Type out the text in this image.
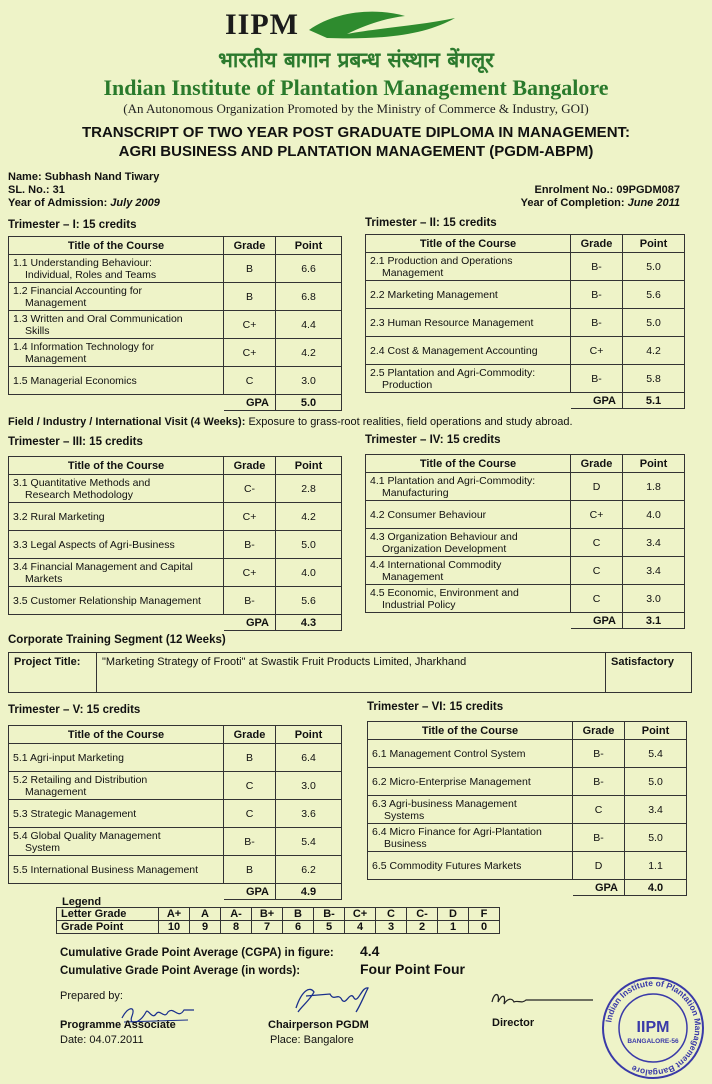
IIPM
भारतीय बागान प्रबन्ध संस्थान बेंगलूर
Indian Institute of Plantation Management Bangalore
(An Autonomous Organization Promoted by the Ministry of Commerce & Industry, GOI)
TRANSCRIPT OF TWO YEAR POST GRADUATE DIPLOMA IN MANAGEMENT:
AGRI BUSINESS AND PLANTATION MANAGEMENT (PGDM-ABPM)
Name: Subhash Nand Tiwary
SL. No.: 31
Year of Admission: July 2009
Enrolment No.: 09PGDM087
Year of Completion: June 2011
Trimester – I: 15 credits	Trimester – II: 15 credits
Title of the Course	Grade	Point
1.1 Understanding Behaviour:
Individual, Roles and Teams	B	6.6
1.2 Financial Accounting for
Management	B	6.8
1.3 Written and Oral Communication
Skills	C+	4.4
1.4 Information Technology for
Management	C+	4.2
1.5 Managerial Economics	C	3.0
	GPA	5.0
Title of the Course	Grade	Point
2.1 Production and Operations
Management	B-	5.0
2.2 Marketing Management	B-	5.6
2.3 Human Resource Management	B-	5.0
2.4 Cost & Management Accounting	C+	4.2
2.5 Plantation and Agri-Commodity:
Production	B-	5.8
	GPA	5.1
Field / Industry / International Visit (4 Weeks): Exposure to grass-root realities, field operations and study abroad.
Trimester – III: 15 credits	Trimester – IV: 15 credits
Title of the Course	Grade	Point
3.1 Quantitative Methods and
Research Methodology	C-	2.8
3.2 Rural Marketing	C+	4.2
3.3 Legal Aspects of Agri-Business	B-	5.0
3.4 Financial Management and Capital
Markets	C+	4.0
3.5 Customer Relationship Management	B-	5.6
	GPA	4.3
Title of the Course	Grade	Point
4.1 Plantation and Agri-Commodity:
Manufacturing	D	1.8
4.2 Consumer Behaviour	C+	4.0
4.3 Organization Behaviour and
Organization Development	C	3.4
4.4 International Commodity
Management	C	3.4
4.5 Economic, Environment and
Industrial Policy	C	3.0
	GPA	3.1
Corporate Training Segment (12 Weeks)
Project Title:	"Marketing Strategy of Frooti" at Swastik Fruit Products Limited, Jharkhand	Satisfactory
Trimester – V: 15 credits	Trimester – VI: 15 credits
Title of the Course	Grade	Point
5.1 Agri-input Marketing	B	6.4
5.2 Retailing and Distribution
Management	C	3.0
5.3 Strategic Management	C	3.6
5.4 Global Quality Management
System	B-	5.4
5.5 International Business Management	B	6.2
	GPA	4.9
Title of the Course	Grade	Point
6.1 Management Control System	B-	5.4
6.2 Micro-Enterprise Management	B-	5.0
6.3 Agri-business Management
Systems	C	3.4
6.4 Micro Finance for Agri-Plantation
Business	B-	5.0
6.5 Commodity Futures Markets	D	1.1
	GPA	4.0
Legend
Letter Grade	A+	A	A-	B+	B	B-	C+	C	C-	D	F
Grade Point	10	9	8	7	6	5	4	3	2	1	0
Cumulative Grade Point Average (CGPA) in figure: 4.4
Cumulative Grade Point Average (in words):	Four Point Four
Prepared by:
Programme Associate
Date: 04.07.2011
Chairperson PGDM
Place: Bangalore
Director	Indian Institute of Plantation Management Bangalore
IIPM
BANGALORE-56
